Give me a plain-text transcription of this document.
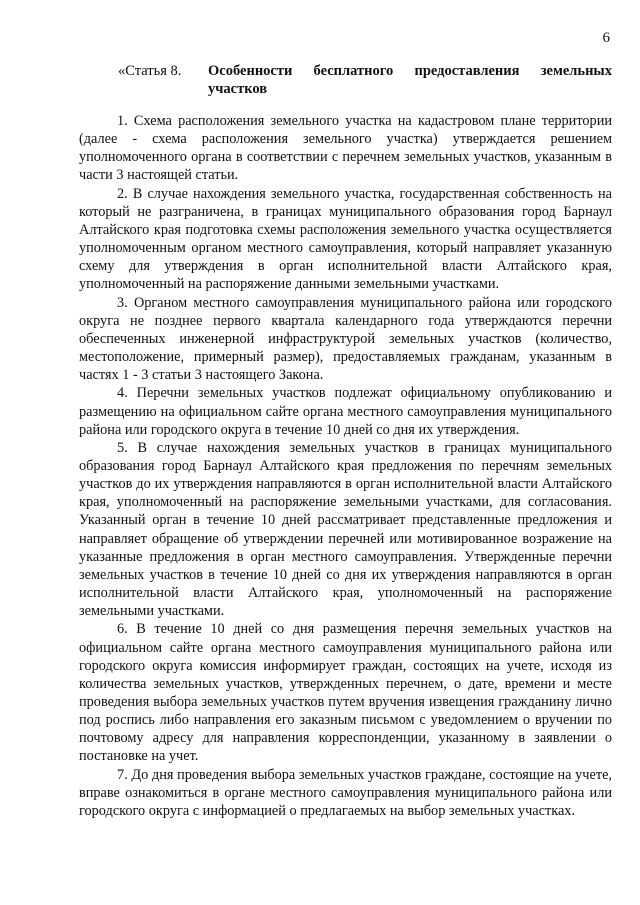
6
«Статья 8.	Особенности бесплатного предоставления земельных участков

1. Схема расположения земельного участка на кадастровом плане территории (далее - схема расположения земельного участка) утверждается решением уполномоченного органа в соответствии с перечнем земельных участков, указанным в части 3 настоящей статьи.

2. В случае нахождения земельного участка, государственная собственность на который не разграничена, в границах муниципального образования город Барнаул Алтайского края подготовка схемы расположения земельного участка осуществляется уполномоченным органом местного самоуправления, который направляет указанную схему для утверждения в орган исполнительной власти Алтайского края, уполномоченный на распоряжение данными земельными участками.

3. Органом местного самоуправления муниципального района или городского округа не позднее первого квартала календарного года утверждаются перечни обеспеченных инженерной инфраструктурой земельных участков (количество, местоположение, примерный размер), предоставляемых гражданам, указанным в частях 1 - 3 статьи 3 настоящего Закона.

4. Перечни земельных участков подлежат официальному опубликованию и размещению на официальном сайте органа местного самоуправления муниципального района или городского округа в течение 10 дней со дня их утверждения.

5. В случае нахождения земельных участков в границах муниципального образования город Барнаул Алтайского края предложения по перечням земельных участков до их утверждения направляются в орган исполнительной власти Алтайского края, уполномоченный на распоряжение земельными участками, для согласования. Указанный орган в течение 10 дней рассматривает представленные предложения и направляет обращение об утверждении перечней или мотивированное возражение на указанные предложения в орган местного самоуправления. Утвержденные перечни земельных участков в течение 10 дней со дня их утверждения направляются в орган исполнительной власти Алтайского края, уполномоченный на распоряжение земельными участками.

6. В течение 10 дней со дня размещения перечня земельных участков на официальном сайте органа местного самоуправления муниципального района или городского округа комиссия информирует граждан, состоящих на учете, исходя из количества земельных участков, утвержденных перечнем, о дате, времени и месте проведения выбора земельных участков путем вручения извещения гражданину лично под роспись либо направления его заказным письмом с уведомлением о вручении по почтовому адресу для направления корреспонденции, указанному в заявлении о постановке на учет.

7. До дня проведения выбора земельных участков граждане, состоящие на учете, вправе ознакомиться в органе местного самоуправления муниципального района или городского округа с информацией о предлагаемых на выбор земельных участках.
